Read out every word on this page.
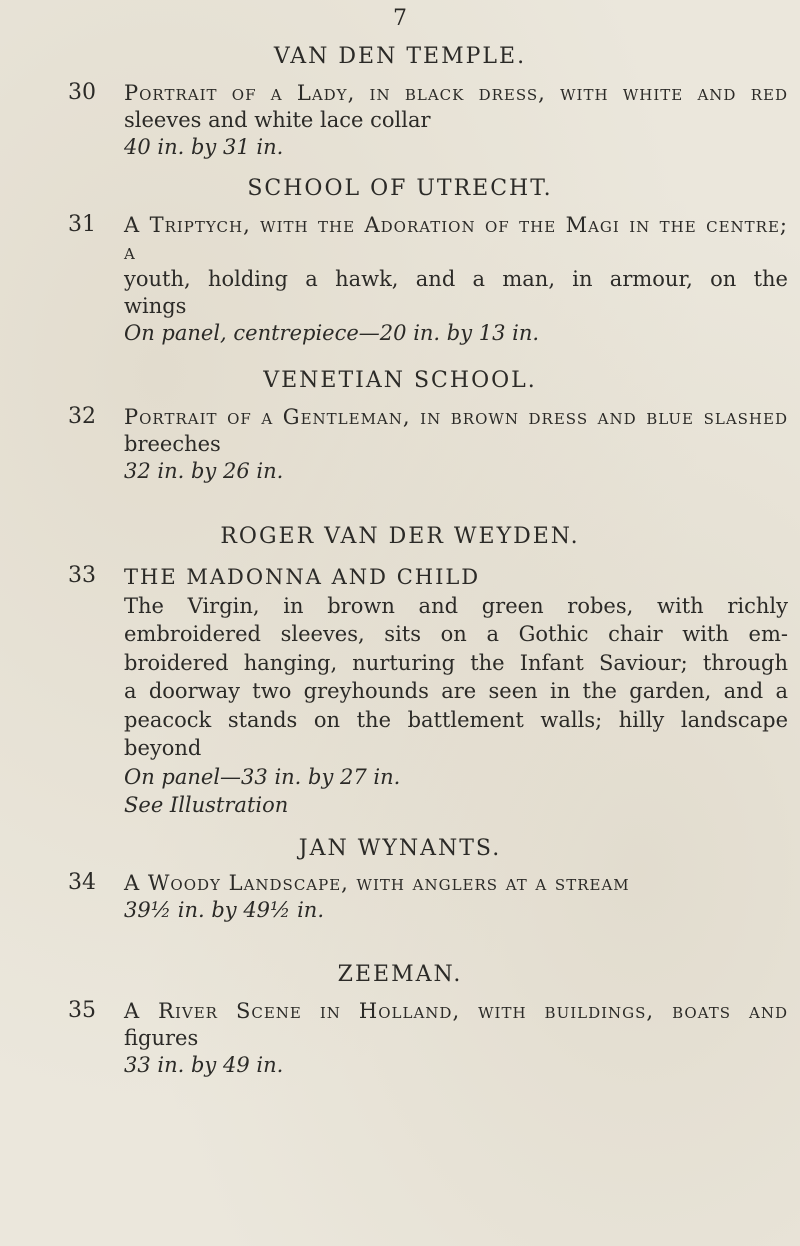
7
VAN DEN TEMPLE.
30 Portrait of a Lady, in black dress, with white and red
sleeves and white lace collar
40 in. by 31 in.
SCHOOL OF UTRECHT.
31 A Triptych, with the Adoration of the Magi in the centre; a
youth, holding a hawk, and a man, in armour, on the
wings
On panel, centrepiece—20 in. by 13 in.
VENETIAN SCHOOL.
32 Portrait of a Gentleman, in brown dress and blue slashed
breeches
32 in. by 26 in.
ROGER VAN DER WEYDEN.
33 THE MADONNA AND CHILD
The Virgin, in brown and green robes, with richly
embroidered sleeves, sits on a Gothic chair with em-
broidered hanging, nurturing the Infant Saviour; through
a doorway two greyhounds are seen in the garden, and a
peacock stands on the battlement walls; hilly landscape
beyond
On panel—33 in. by 27 in.
See Illustration
JAN WYNANTS.
34 A Woody Landscape, with anglers at a stream
39½ in. by 49½ in.
ZEEMAN.
35 A River Scene in Holland, with buildings, boats and
figures
33 in. by 49 in.
